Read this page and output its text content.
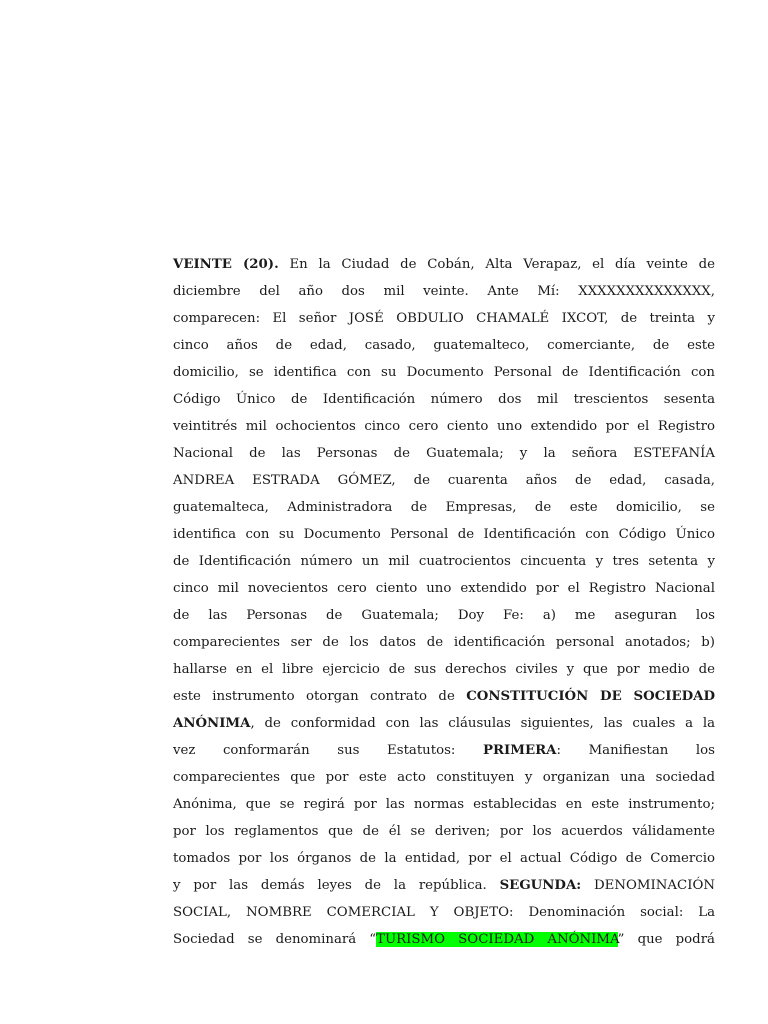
VEINTE (20). En la Ciudad de Cobán, Alta Verapaz, el día veinte de
diciembre del año dos mil veinte. Ante Mí: XXXXXXXXXXXXXX,
comparecen: El señor JOSÉ OBDULIO CHAMALÉ IXCOT, de treinta y
cinco años de edad, casado, guatemalteco, comerciante, de este
domicilio, se identifica con su Documento Personal de Identificación con
Código Único de Identificación número dos mil trescientos sesenta
veintitrés mil ochocientos cinco cero ciento uno extendido por el Registro
Nacional de las Personas de Guatemala; y la señora ESTEFANÍA
ANDREA ESTRADA GÓMEZ, de cuarenta años de edad, casada,
guatemalteca, Administradora de Empresas, de este domicilio, se
identifica con su Documento Personal de Identificación con Código Único
de Identificación número un mil cuatrocientos cincuenta y tres setenta y
cinco mil novecientos cero ciento uno extendido por el Registro Nacional
de las Personas de Guatemala; Doy Fe: a) me aseguran los
comparecientes ser de los datos de identificación personal anotados; b)
hallarse en el libre ejercicio de sus derechos civiles y que por medio de
este instrumento otorgan contrato de CONSTITUCIÓN DE SOCIEDAD
ANÓNIMA, de conformidad con las cláusulas siguientes, las cuales a la
vez conformarán sus Estatutos: PRIMERA: Manifiestan los
comparecientes que por este acto constituyen y organizan una sociedad
Anónima, que se regirá por las normas establecidas en este instrumento;
por los reglamentos que de él se deriven; por los acuerdos válidamente
tomados por los órganos de la entidad, por el actual Código de Comercio
y por las demás leyes de la república. SEGUNDA: DENOMINACIÓN
SOCIAL, NOMBRE COMERCIAL Y OBJETO: Denominación social: La
Sociedad se denominará “TURISMO SOCIEDAD ANÓNIMA” que podrá
